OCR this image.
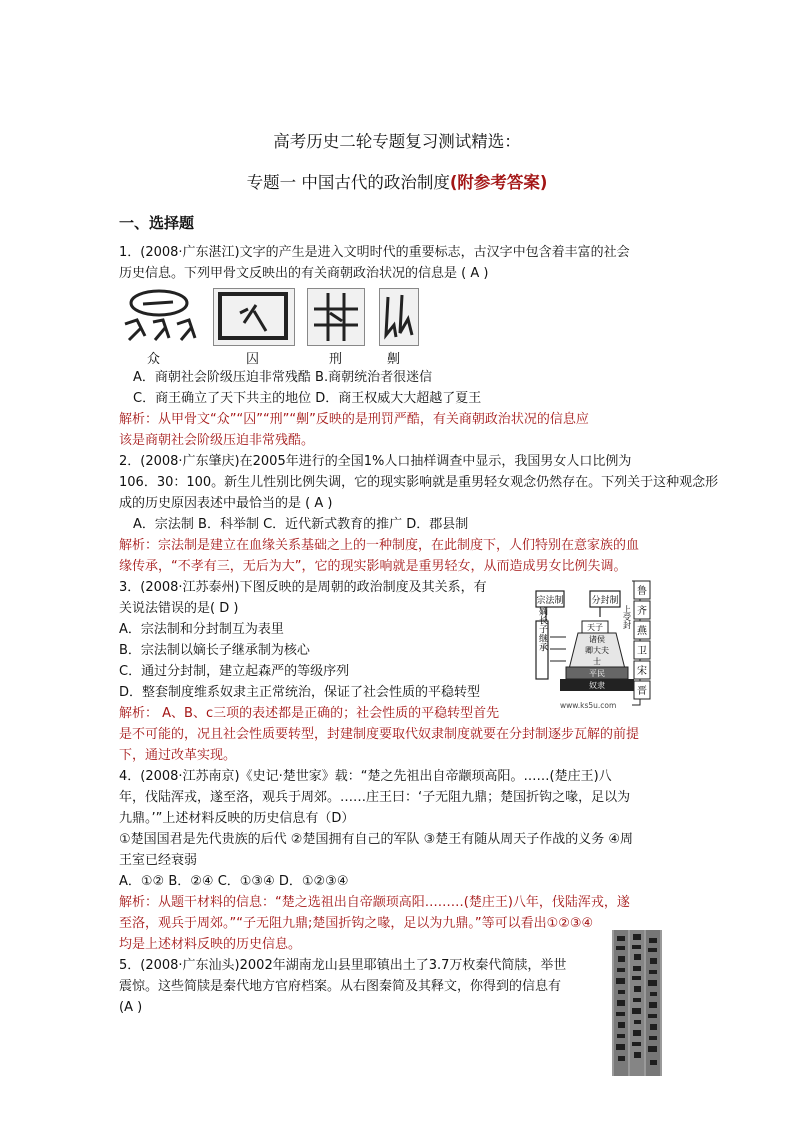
高考历史二轮专题复习测试精选：
专题一 中国古代的政治制度(附参考答案)
一、选择题
1．(2008·广东湛江)文字的产生是进入文明时代的重要标志，古汉字中包含着丰富的社会
历史信息。下列甲骨文反映出的有关商朝政治状况的信息是 ( A )
众	囚	刑	劓
A．商朝社会阶级压迫非常残酷 B.商朝统治者很迷信
C．商王确立了天下共主的地位 D．商王权威大大超越了夏王
解析：从甲骨文“众”“囚”“刑”“劓”反映的是刑罚严酷，有关商朝政治状况的信息应
该是商朝社会阶级压迫非常残酷。
2．(2008·广东肇庆)在2005年进行的全国1%人口抽样调查中显示，我国男女人口比例为
106．30：100。新生儿性别比例失调，它的现实影响就是重男轻女观念仍然存在。下列关于这种观念形
成的历史原因表述中最恰当的是 ( A )
A．宗法制 B．科举制 C．近代新式教育的推广 D．郡县制
解析：宗法制是建立在血缘关系基础之上的一种制度，在此制度下，人们特别在意家族的血
缘传承，“不孝有三，无后为大”，它的现实影响就是重男轻女，从而造成男女比例失调。
3．(2008·江苏泰州)下图反映的是周朝的政治制度及其关系，有
关说法错误的是( D )
A．宗法制和分封制互为表里
B．宗法制以嫡长子继承制为核心
C．通过分封制，建立起森严的等级序列
D．整套制度维系奴隶主正常统治，保证了社会性质的平稳转型
解析： A、B、c三项的表述都是正确的；社会性质的平稳转型首先
是不可能的，况且社会性质要转型，封建制度要取代奴隶制度就要在分封制逐步瓦解的前提
下，通过改革实现。
宗法制	分封制
嫡长子继承	天子
诸侯
卿大夫
士
平民
奴隶
上受封
鲁
齐
燕
卫
宋
晋
www.ks5u.com
4．(2008·江苏南京)《史记·楚世家》载：“楚之先祖出自帝颛顼高阳。……(楚庄王)八
年，伐陆浑戎，遂至洛，观兵于周郊。……庄王曰：‘子无阻九鼎；楚国折钩之喙，足以为
九鼎。’”上述材料反映的历史信息有（D）
①楚国国君是先代贵族的后代 ②楚国拥有自己的军队 ③楚王有随从周天子作战的义务 ④周
王室已经衰弱
A．①② B．②④ C．①③④ D．①②③④
解析：从题干材料的信息：“楚之选祖出自帝颛顼高阳………(楚庄王)八年，伐陆浑戎，遂
至洛，观兵于周郊。”“子无阻九鼎;楚国折钩之喙，足以为九鼎。”等可以看出①②③④
均是上述材料反映的历史信息。
5．(2008·广东汕头)2002年湖南龙山县里耶镇出土了3.7万枚秦代简牍，举世
震惊。这些简牍是秦代地方官府档案。从右图秦简及其释文，你得到的信息有
(A )
